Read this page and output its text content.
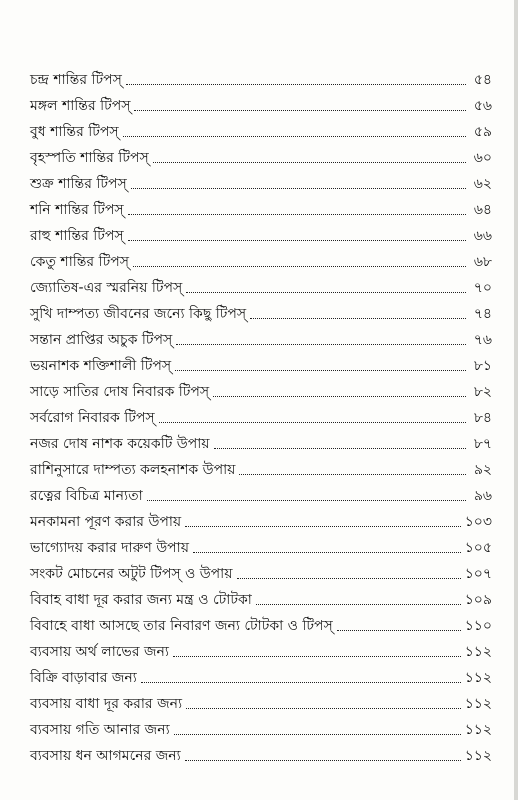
চন্দ্র শান্তির টিপস্	৫৪
মঙ্গল শান্তির টিপস্	৫৬
বুধ শান্তির টিপস্	৫৯
বৃহস্পতি শান্তির টিপস্	৬০
শুক্র শান্তির টিপস্	৬২
শনি শান্তির টিপস্	৬৪
রাহু শান্তির টিপস্	৬৬
কেতু শান্তির টিপস্	৬৮
জ্যোতিষ-এর স্মরনিয় টিপস্	৭০
সুখি দাম্পত্য জীবনের জন্যে কিছু টিপস্	৭৪
সন্তান প্রাপ্তির অচুক টিপস্	৭৬
ভয়নাশক শক্তিশালী টিপস্	৮১
সাড়ে সাতির দোষ নিবারক টিপস্	৮২
সর্বরোগ নিবারক টিপস্	৮৪
নজর দোষ নাশক কয়েকটি উপায়	৮৭
রাশিনুসারে দাম্পত্য কলহনাশক উপায়	৯২
রত্নের বিচিত্র মান্যতা	৯৬
মনকামনা পূরণ করার উপায়	১০৩
ভাগ্যোদয় করার দারুণ উপায়	১০৫
সংকট মোচনের অটুট টিপস্ ও উপায়	১০৭
বিবাহ বাধা দূর করার জন্য মন্ত্র ও টোটকা	১০৯
বিবাহে বাধা আসছে তার নিবারণ জন্য টোটকা ও টিপস্	১১০
ব্যবসায় অর্থ লাভের জন্য	১১২
বিক্রি বাড়াবার জন্য	১১২
ব্যবসায় বাধা দূর করার জন্য	১১২
ব্যবসায় গতি আনার জন্য	১১২
ব্যবসায় ধন আগমনের জন্য	১১২
